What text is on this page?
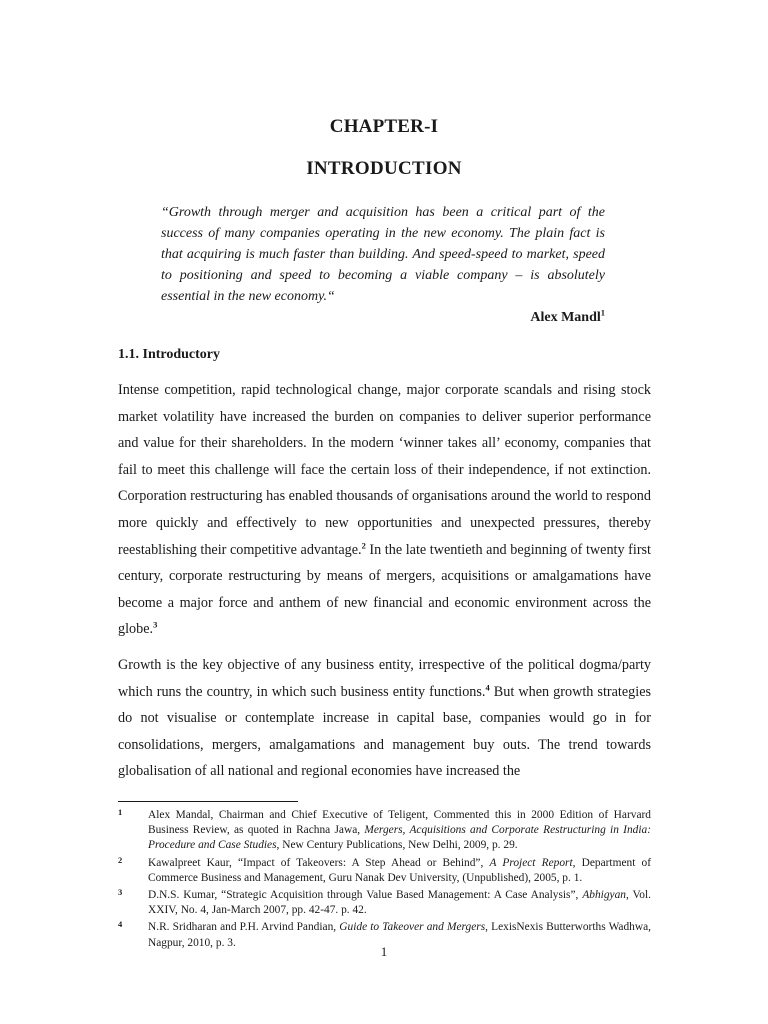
CHAPTER-I
INTRODUCTION
“Growth through merger and acquisition has been a critical part of the success of many companies operating in the new economy. The plain fact is that acquiring is much faster than building. And speed-speed to market, speed to positioning and speed to becoming a viable company – is absolutely essential in the new economy.“
Alex Mandl$^1$
1.1. Introductory
Intense competition, rapid technological change, major corporate scandals and rising stock market volatility have increased the burden on companies to deliver superior performance and value for their shareholders. In the modern ‘winner takes all’ economy, companies that fail to meet this challenge will face the certain loss of their independence, if not extinction. Corporation restructuring has enabled thousands of organisations around the world to respond more quickly and effectively to new opportunities and unexpected pressures, thereby reestablishing their competitive advantage.$^2$ In the late twentieth and beginning of twenty first century, corporate restructuring by means of mergers, acquisitions or amalgamations have become a major force and anthem of new financial and economic environment across the globe.$^3$
Growth is the key objective of any business entity, irrespective of the political dogma/party which runs the country, in which such business entity functions.$^4$ But when growth strategies do not visualise or contemplate increase in capital base, companies would go in for consolidations, mergers, amalgamations and management buy outs. The trend towards globalisation of all national and regional economies have increased the
1 Alex Mandal, Chairman and Chief Executive of Teligent, Commented this in 2000 Edition of Harvard Business Review, as quoted in Rachna Jawa, Mergers, Acquisitions and Corporate Restructuring in India: Procedure and Case Studies, New Century Publications, New Delhi, 2009, p. 29.
2 Kawalpreet Kaur, “Impact of Takeovers: A Step Ahead or Behind”, A Project Report, Department of Commerce Business and Management, Guru Nanak Dev University, (Unpublished), 2005, p. 1.
3 D.N.S. Kumar, “Strategic Acquisition through Value Based Management: A Case Analysis”, Abhigyan, Vol. XXIV, No. 4, Jan-March 2007, pp. 42-47. p. 42.
4 N.R. Sridharan and P.H. Arvind Pandian, Guide to Takeover and Mergers, LexisNexis Butterworths Wadhwa, Nagpur, 2010, p. 3.
1
